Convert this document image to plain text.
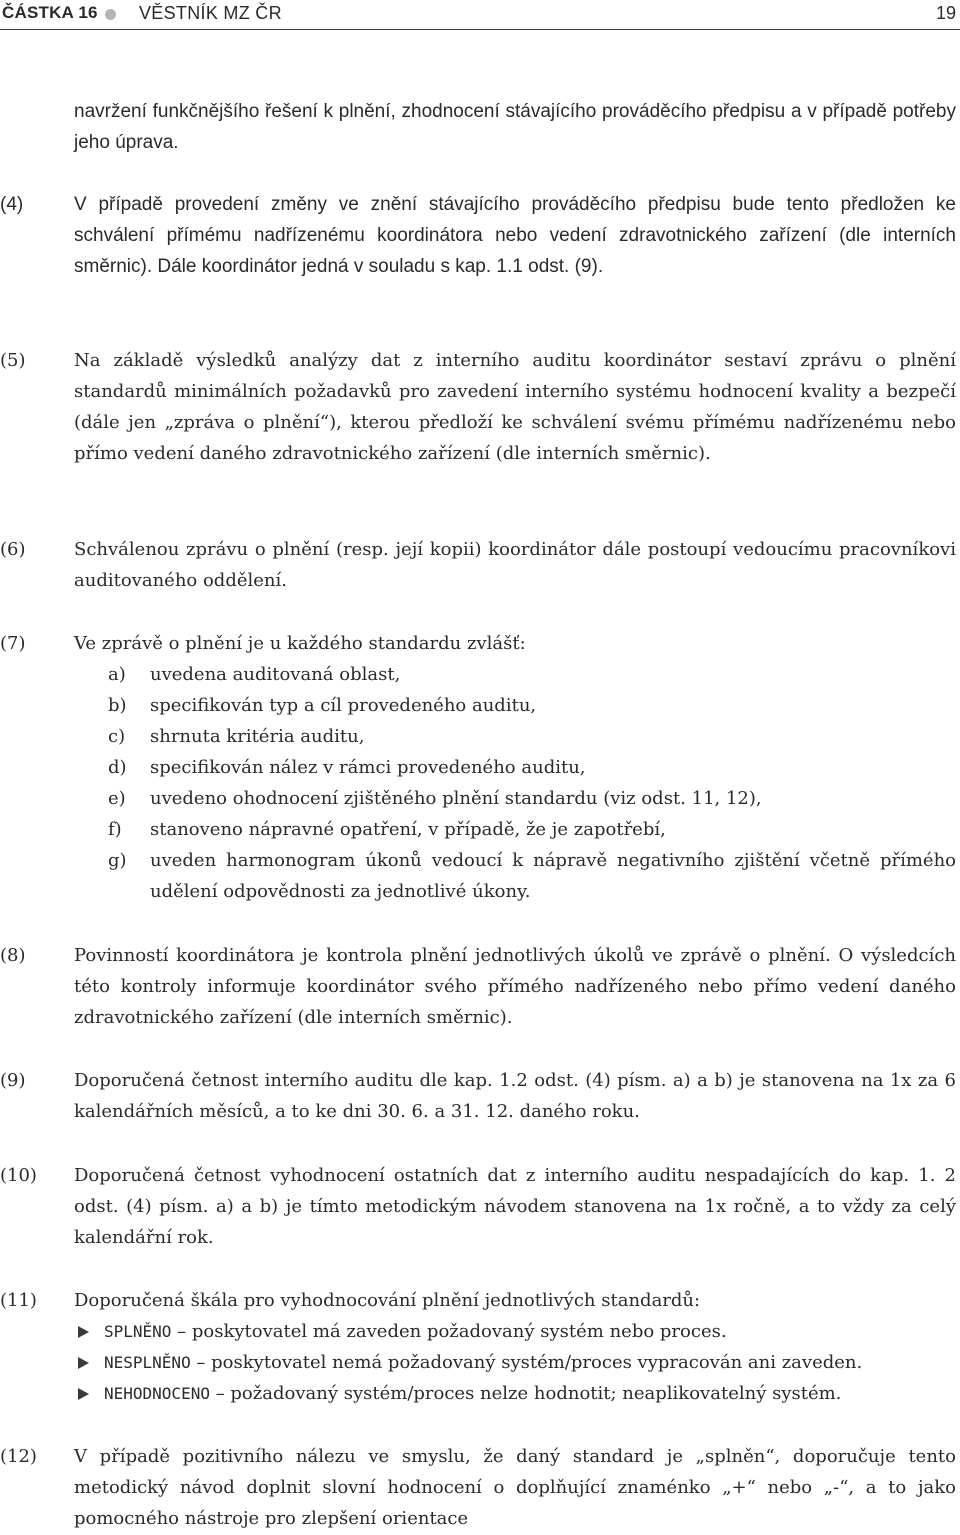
ČÁSTKA 16 VĚSTNÍK MZ ČR	19

navržení funkčnějšího řešení k plnění, zhodnocení stávajícího prováděcího předpisu a v případě potřeby jeho úprava.

(4)	V případě provedení změny ve znění stávajícího prováděcího předpisu bude tento předložen ke schválení přímému nadřízenému koordinátora nebo vedení zdravotnického zařízení (dle interních směrnic). Dále koordinátor jedná v souladu s kap. 1.1 odst. (9).

(5)	Na základě výsledků analýzy dat z interního auditu koordinátor sestaví zprávu o plnění standardů minimálních požadavků pro zavedení interního systému hodnocení kvality a bezpečí (dále jen „zpráva o plnění“), kterou předloží ke schválení svému přímému nadřízenému nebo přímo vedení daného zdravotnického zařízení (dle interních směrnic).

(6)	Schválenou zprávu o plnění (resp. její kopii) koordinátor dále postoupí vedoucímu pracovníkovi auditovaného oddělení.

(7)	Ve zprávě o plnění je u každého standardu zvlášť:

a) uvedena auditovaná oblast,
b) specifikován typ a cíl provedeného auditu,
c) shrnuta kritéria auditu,
d) specifikován nález v rámci provedeného auditu,
e) uvedeno ohodnocení zjištěného plnění standardu (viz odst. 11, 12),
f) stanoveno nápravné opatření, v případě, že je zapotřebí,
g) uveden harmonogram úkonů vedoucí k nápravě negativního zjištění včetně přímého udělení odpovědnosti za jednotlivé úkony.
(8)	Povinností koordinátora je kontrola plnění jednotlivých úkolů ve zprávě o plnění. O výsledcích této kontroly informuje koordinátor svého přímého nadřízeného nebo přímo vedení daného zdravotnického zařízení (dle interních směrnic).

(9)	Doporučená četnost interního auditu dle kap. 1.2 odst. (4) písm. a) a b) je stanovena na 1x za 6 kalendářních měsíců, a to ke dni 30. 6. a 31. 12. daného roku.

(10) Doporučená četnost vyhodnocení ostatních dat z interního auditu nespadajících do kap. 1. 2 odst. (4) písm. a) a b) je tímto metodickým návodem stanovena na 1x ročně, a to vždy za celý kalendářní rok.

(11) Doporučená škála pro vyhodnocování plnění jednotlivých standardů:

SPLNĚNO – poskytovatel má zaveden požadovaný systém nebo proces.
NESPLNĚNO – poskytovatel nemá požadovaný systém/proces vypracován ani zaveden.
NEHODNOCENO – požadovaný systém/proces nelze hodnotit; neaplikovatelný systém.
(12) V případě pozitivního nálezu ve smyslu, že daný standard je „splněn“, doporučuje tento metodický návod doplnit slovní hodnocení o doplňující znaménko „+“ nebo „-“, a to jako pomocného nástroje pro zlepšení orientace
